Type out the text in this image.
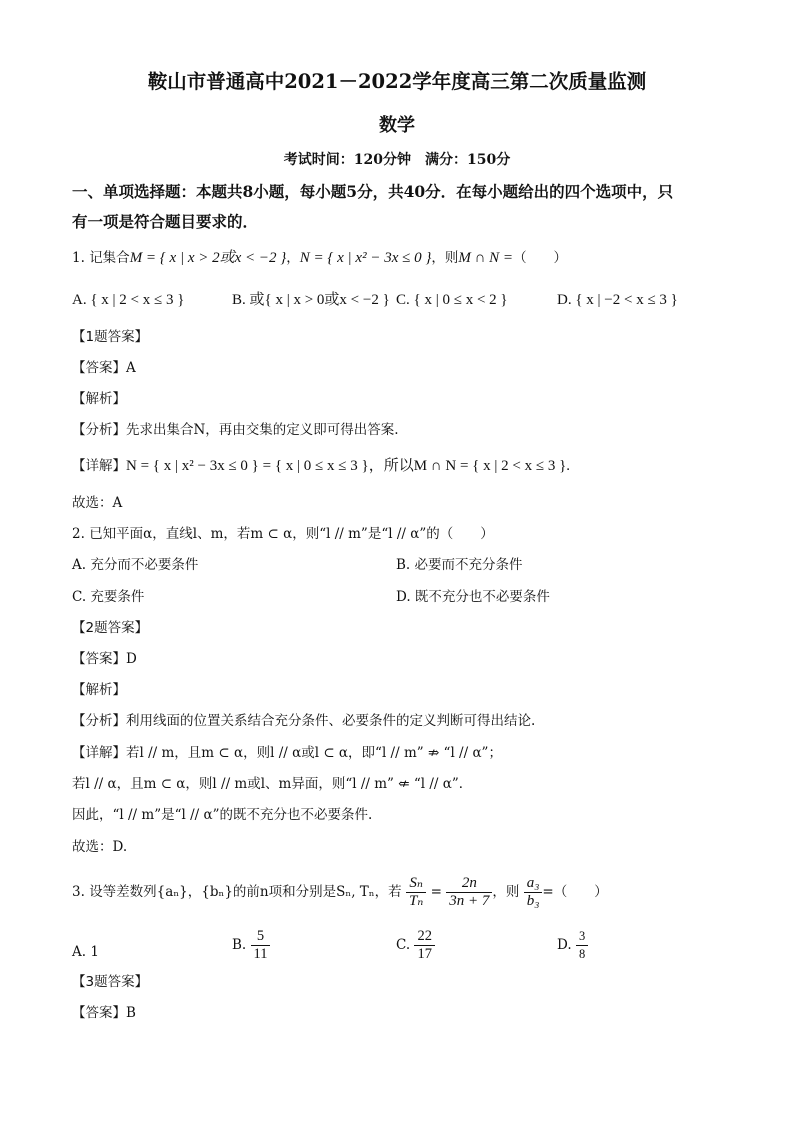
鞍山市普通高中2021－2022学年度高三第二次质量监测
数学
考试时间：120分钟　满分：150分
一、单项选择题：本题共8小题，每小题5分，共40分．在每小题给出的四个选项中，只
有一项是符合题目要求的．
1. 记集合M = { x | x > 2或x < −2 }，N = { x | x² − 3x ≤ 0 }，则M ∩ N =（　　）
A. { x | 2 < x ≤ 3 }	B. 或{ x | x > 0或x < −2 } C. { x | 0 ≤ x < 2 }	D. { x | −2 < x ≤ 3 }
【1题答案】
【答案】A
【解析】
【分析】先求出集合N，再由交集的定义即可得出答案.
【详解】N = { x | x² − 3x ≤ 0 } = { x | 0 ≤ x ≤ 3 }，所以M ∩ N = { x | 2 < x ≤ 3 }.
故选：A
2. 已知平面α，直线l、m，若m ⊂ α，则“l // m”是“l // α”的（　　）
A. 充分而不必要条件	B. 必要而不充分条件
C. 充要条件	D. 既不充分也不必要条件
【2题答案】
【答案】D
【解析】
【分析】利用线面的位置关系结合充分条件、必要条件的定义判断可得出结论.
【详解】若l // m，且m ⊂ α，则l // α或l ⊂ α，即“l // m” ⇏ “l // α”；
若l // α，且m ⊂ α，则l // m或l、m异面，则“l // m” ⇍ “l // α”．
因此，“l // m”是“l // α”的既不充分也不必要条件.
故选：D.
3. 设等差数列{aₙ}，{bₙ}的前n项和分别是Sₙ, Tₙ，若 $\frac{\text{Sₙ}}{\text{Tₙ}} = \frac{2n}{3n + 7}$ ，则 $\frac{\text{a₃}}{\text{b₃}}$ =（　　）
A. 1	B. $\frac{5}{11}$	C. $\frac{22}{17}$	D. $\frac{3}{8}$
【3题答案】
【答案】B
